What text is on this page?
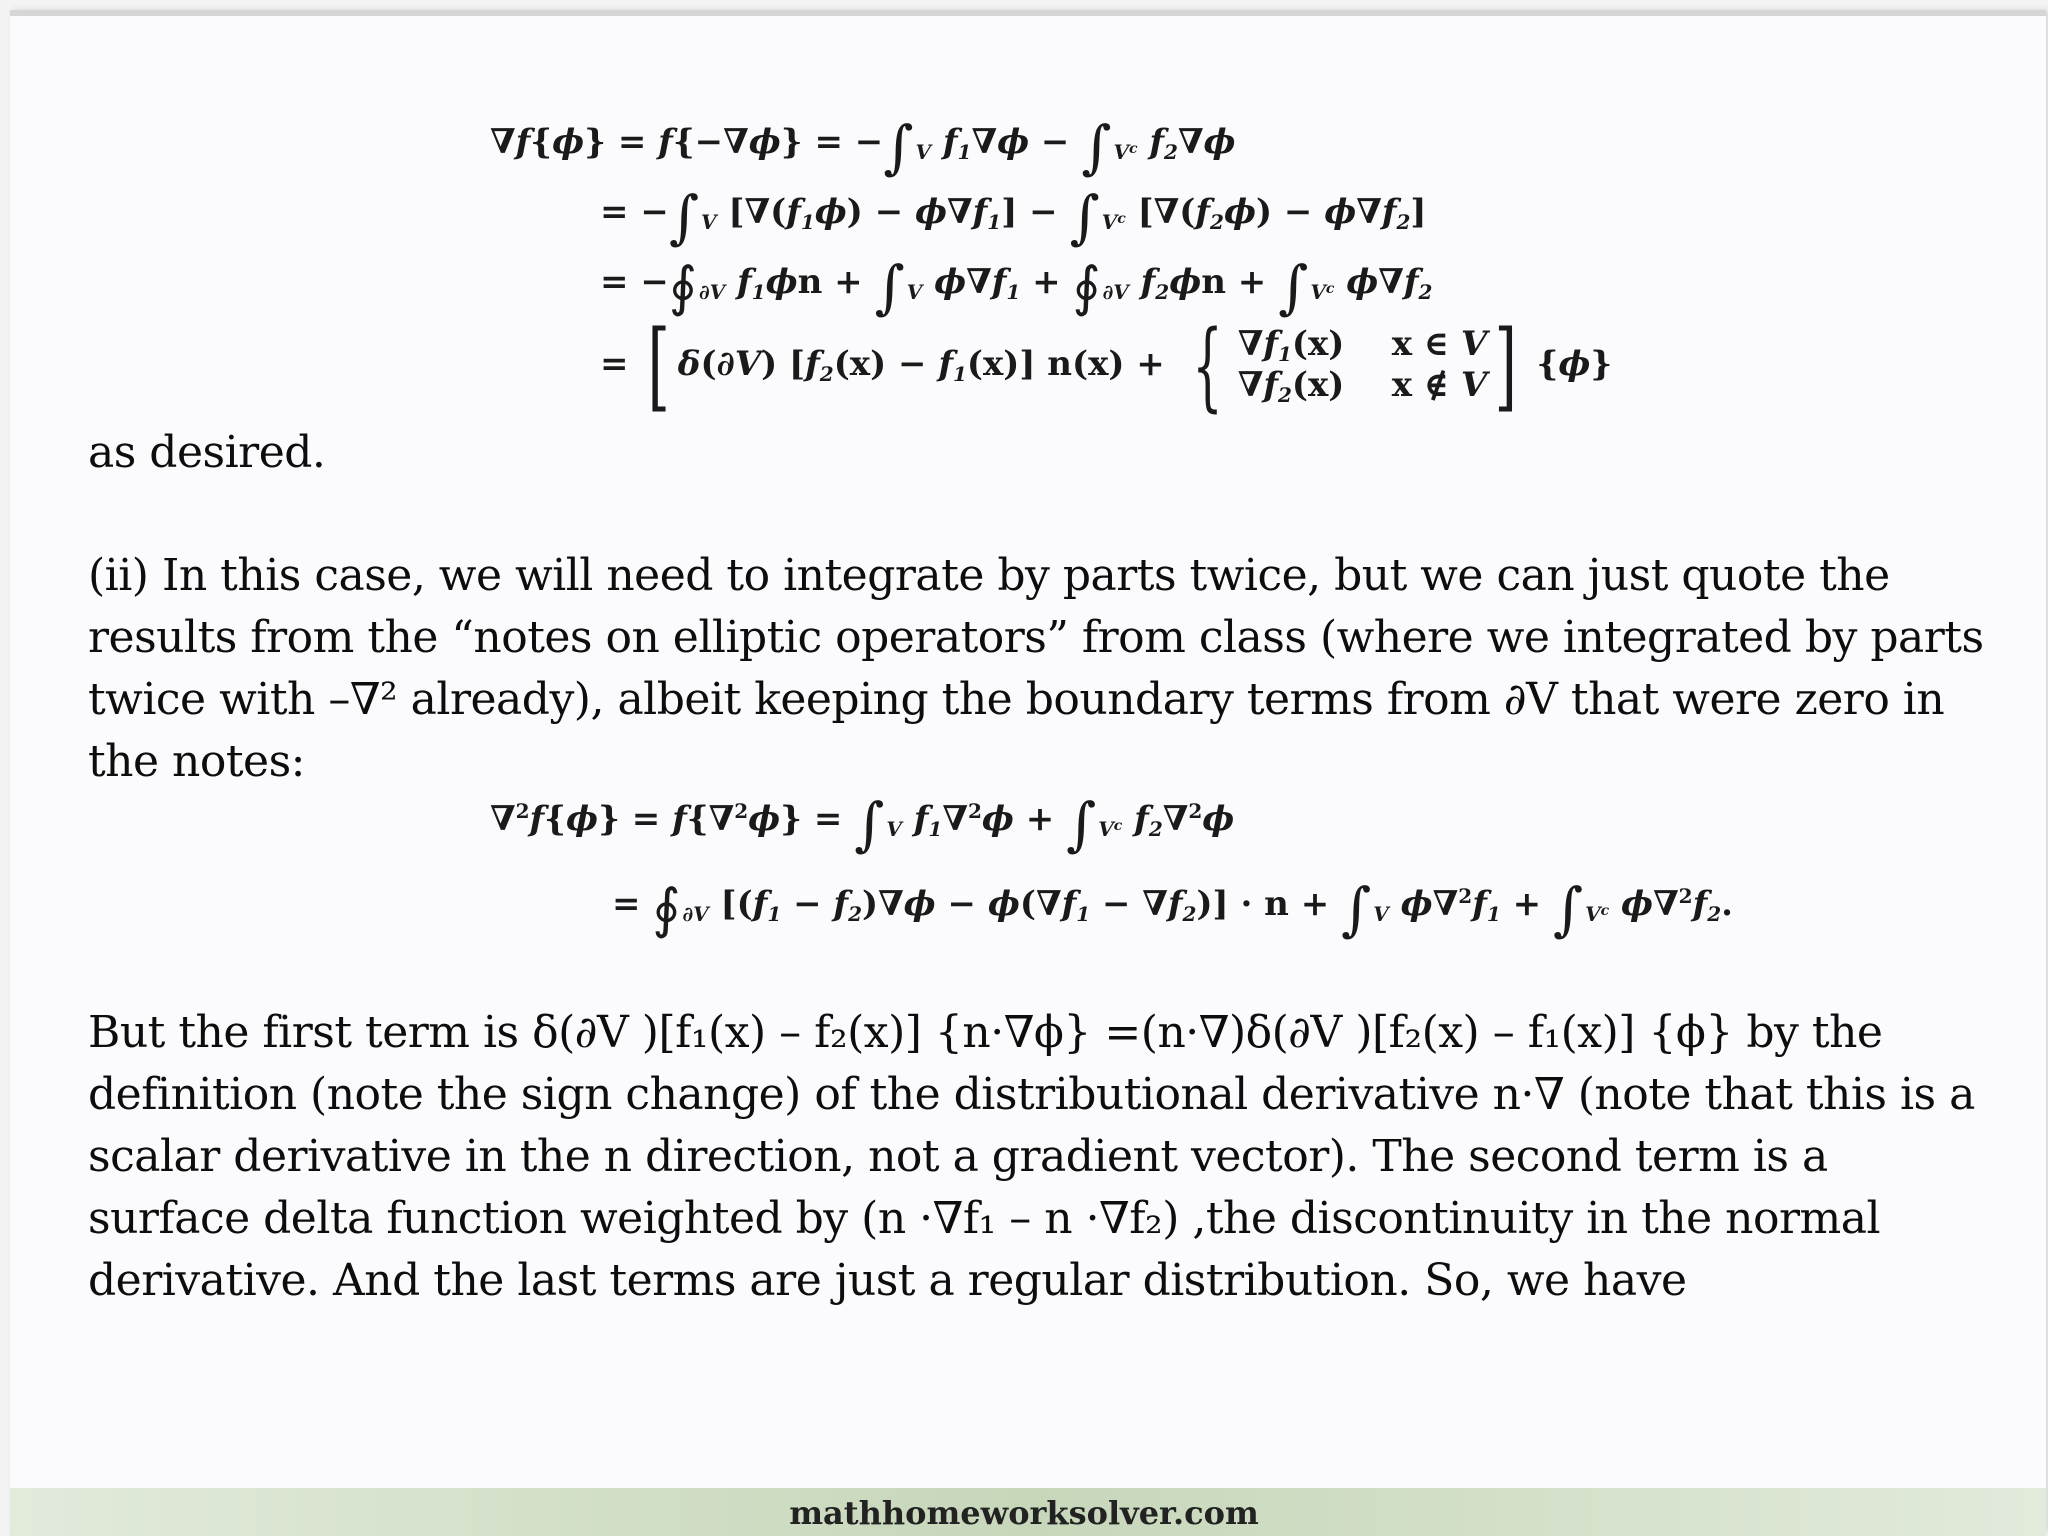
∇f{ϕ} = f{−∇ϕ} = −∫ $_V$ $f_1\nabla\phi$ − ∫ $_{V^c}$ $f_2\nabla\phi$
= −∫ $_V$ $[\nabla(f_1\phi) - \phi\nabla f_1]$ − ∫ $_{V^c}$ $[\nabla(f_2\phi) - \phi\nabla f_2]$
= −∮ $_{\partial V}$ $f_1\phi n$ + ∫ $_V$ $\phi\nabla f_1$ + ∮ $_{\partial V}$ $f_2\phi n$ + ∫ $_{V^c}$ $\phi\nabla f_2$
= [ δ(∂V) $[f_2(x) - f_1(x)] n(x)$ + { $\nabla f_1(x)$    x ∈ V
$\nabla f_2(x)$    x ∉ V ] {ϕ}
as desired.
(ii) In this case, we will need to integrate by parts twice, but we can just quote the results from the “notes on elliptic operators” from class (where we integrated by parts twice with –∇² already), albeit keeping the boundary terms from ∂V that were zero in the notes:
∇$^2$f{ϕ} = f{∇$^2$ϕ} = ∫ $_V$ $f_1\nabla^2\phi$ + ∫ $_{V^c}$ $f_2\nabla^2\phi$
= ∮ $_{\partial V}$ $[(f_1 - f_2)\nabla\phi - \phi(\nabla f_1 - \nabla f_2)] \cdot n$ + ∫ $_V$ $\phi\nabla^2f_1$ + ∫ $_{V^c}$ $\phi\nabla^2f_2$.
But the first term is δ(∂V )[f₁(x) – f₂(x)] {n·∇ϕ} =(n·∇)δ(∂V )[f₂(x) – f₁(x)] {ϕ} by the definition (note the sign change) of the distributional derivative n·∇ (note that this is a scalar derivative in the n direction, not a gradient vector). The second term is a surface delta function weighted by (n ·∇f₁ – n ·∇f₂) ,the discontinuity in the normal derivative. And the last terms are just a regular distribution. So, we have
mathhomeworksolver.com
